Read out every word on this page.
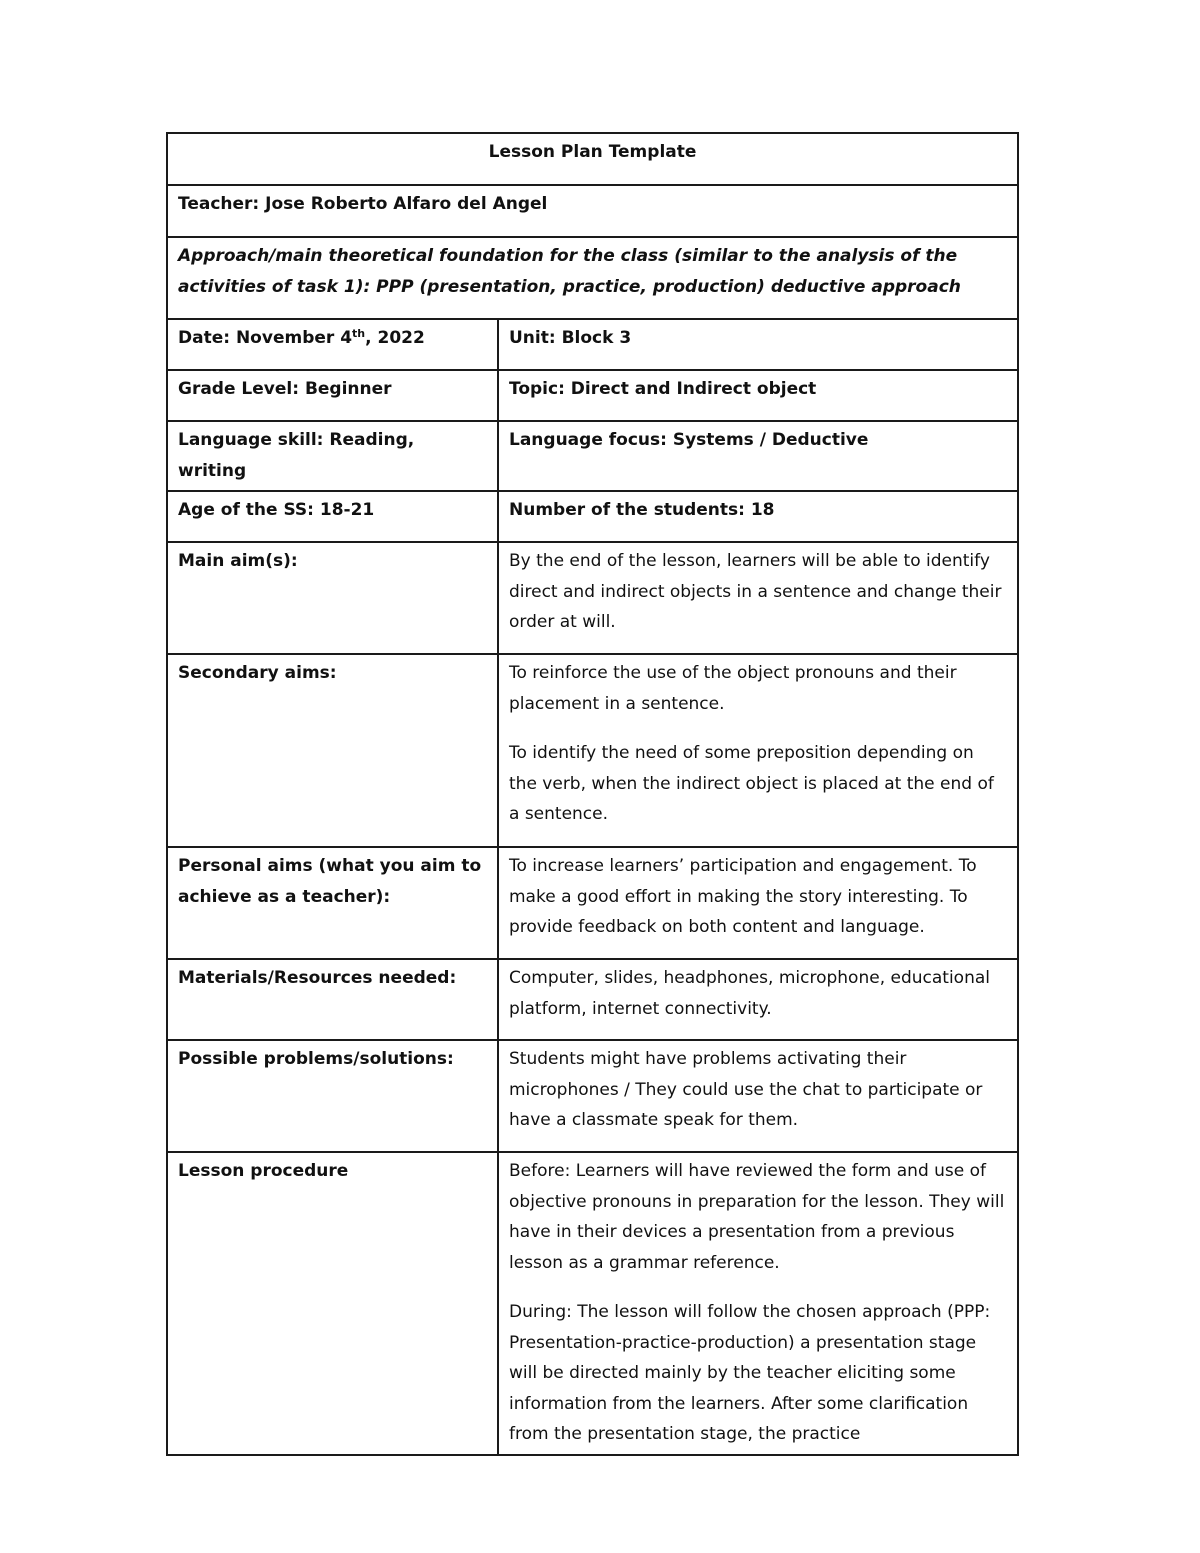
Lesson Plan Template	
Teacher: Jose Roberto Alfaro del Angel	
Approach/main theoretical foundation for the class (similar to the analysis of the activities of task 1): PPP (presentation, practice, production) deductive approach	
Date: November 4th, 2022	Unit: Block 3
Grade Level: Beginner	Topic: Direct and Indirect object
Language skill: Reading, writing	Language focus: Systems / Deductive
Age of the SS: 18-21	Number of the students: 18
Main aim(s):	By the end of the lesson, learners will be able to identify direct and indirect objects in a sentence and change their order at will.
Secondary aims:	To reinforce the use of the object pronouns and their placement in a sentence.

To identify the need of some preposition depending on the verb, when the indirect object is placed at the end of a sentence.

Personal aims (what you aim to achieve as a teacher):	To increase learners’ participation and engagement. To make a good effort in making the story interesting. To provide feedback on both content and language.
Materials/Resources needed:	Computer, slides, headphones, microphone, educational platform, internet connectivity.
Possible problems/solutions:	Students might have problems activating their microphones / They could use the chat to participate or have a classmate speak for them.
Lesson procedure	Before: Learners will have reviewed the form and use of objective pronouns in preparation for the lesson. They will have in their devices a presentation from a previous lesson as a grammar reference.

During: The lesson will follow the chosen approach (PPP: Presentation-practice-production) a presentation stage will be directed mainly by the teacher eliciting some information from the learners. After some clarification from the presentation stage, the practice
